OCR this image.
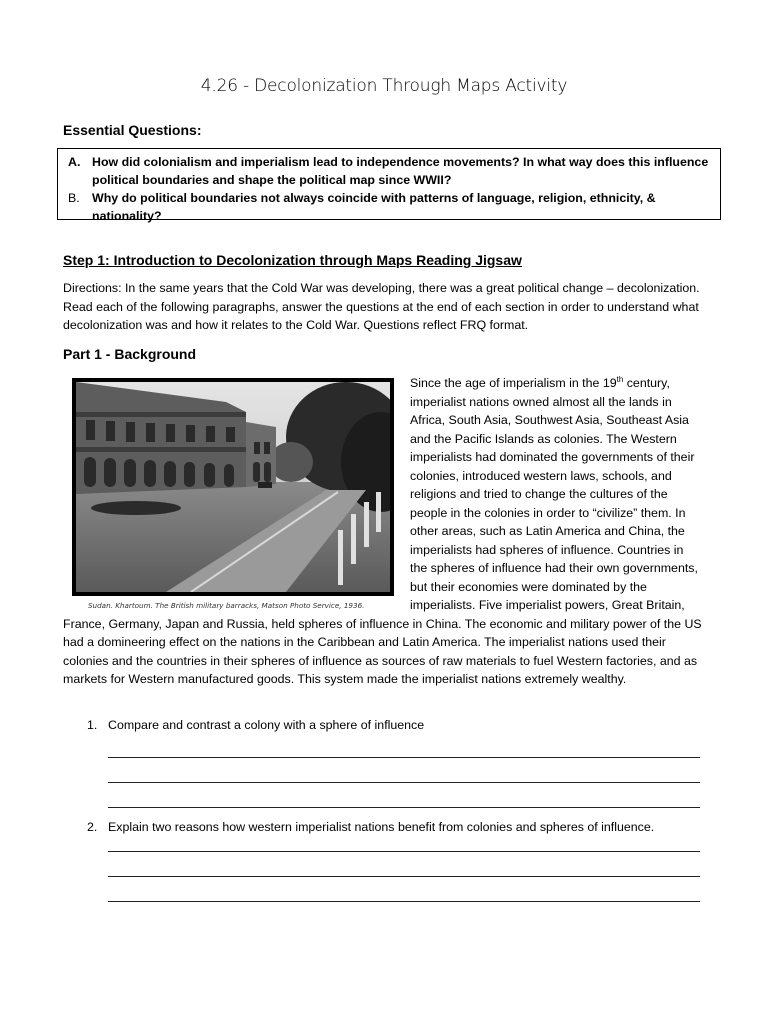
4.26 - Decolonization Through Maps Activity
Essential Questions:
A. How did colonialism and imperialism lead to independence movements? In what way does this influence political boundaries and shape the political map since WWII?
B. Why do political boundaries not always coincide with patterns of language, religion, ethnicity, & nationality?
Step 1: Introduction to Decolonization through Maps Reading Jigsaw
Directions: In the same years that the Cold War was developing, there was a great political change – decolonization. Read each of the following paragraphs, answer the questions at the end of each section in order to understand what decolonization was and how it relates to the Cold War. Questions reflect FRQ format.
Part 1 - Background
Since the age of imperialism in the 19th century, imperialist nations owned almost all the lands in Africa, South Asia, Southwest Asia, Southeast Asia and the Pacific Islands as colonies. The Western imperialists had dominated the governments of their colonies, introduced western laws, schools, and religions and tried to change the cultures of the people in the colonies in order to “civilize” them. In other areas, such as Latin America and China, the imperialists had spheres of influence. Countries in the spheres of influence had their own governments, but their economies were dominated by the imperialists. Five imperialist powers, Great Britain, France, Germany, Japan and Russia, held spheres of influence in China. The economic and military power of the US had a domineering effect on the nations in the Caribbean and Latin America. The imperialist nations used their colonies and the countries in their spheres of influence as sources of raw materials to fuel Western factories, and as markets for Western manufactured goods. This system made the imperialist nations extremely wealthy.
Sudan. Khartoum. The British military barracks, Matson Photo Service, 1936.
1. Compare and contrast a colony with a sphere of influence
2. Explain two reasons how western imperialist nations benefit from colonies and spheres of influence.
